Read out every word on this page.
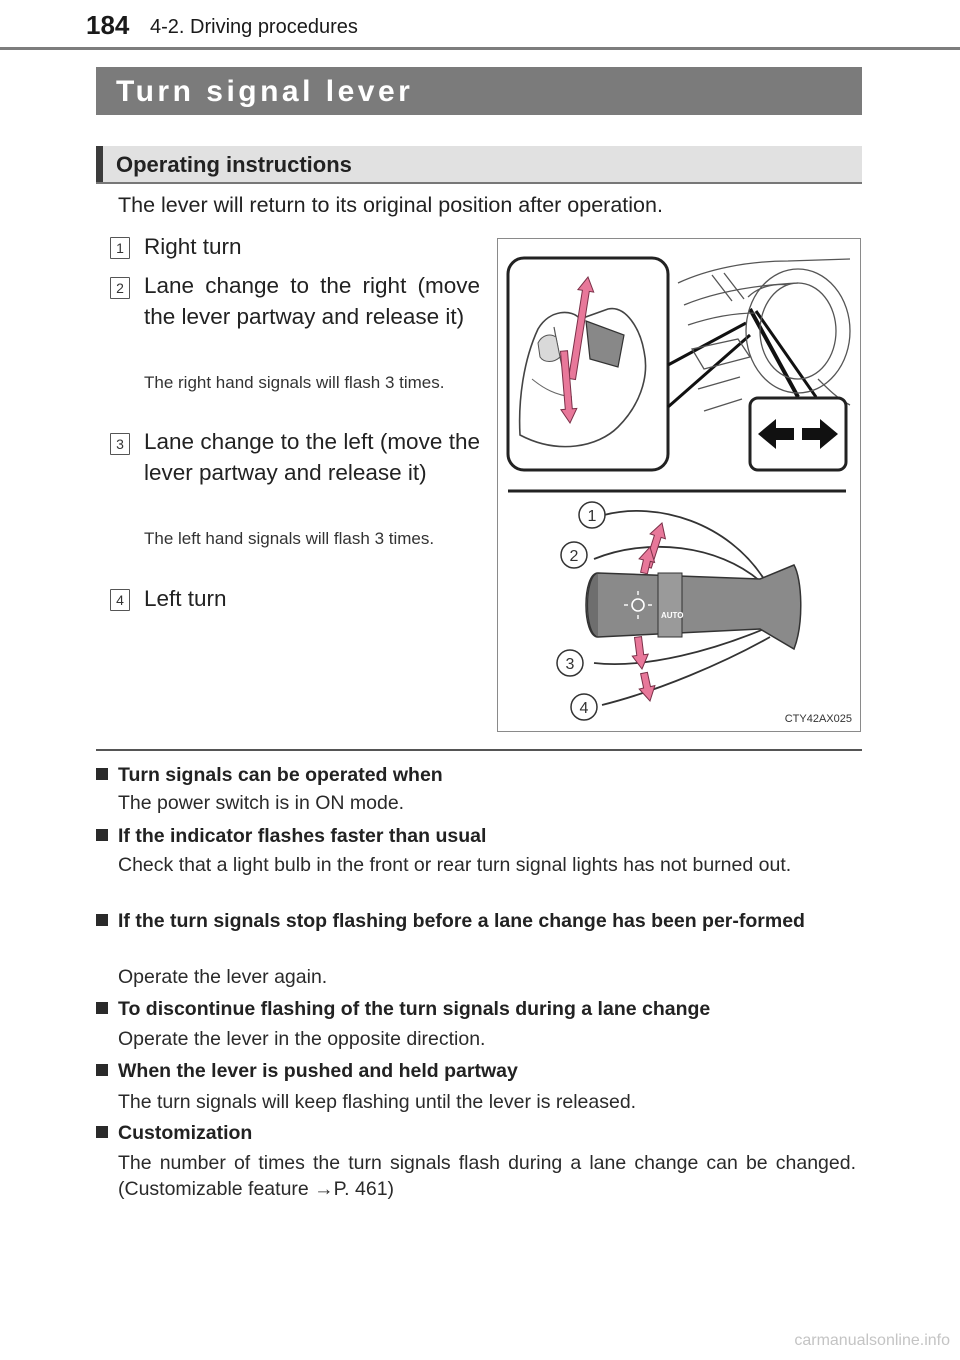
184 4-2. Driving procedures
Turn signal lever
Operating instructions
The lever will return to its original position after operation.
1 Right turn
2 Lane change to the right (move the lever partway and release it)
The right hand signals will flash 3 times.
3 Lane change to the left (move the lever partway and release it)
The left hand signals will flash 3 times.
4 Left turn
AUTO
1
2
3
4
CTY42AX025
Turn signals can be operated when
The power switch is in ON mode.
If the indicator flashes faster than usual
Check that a light bulb in the front or rear turn signal lights has not burned out.
If the turn signals stop flashing before a lane change has been per-formed
Operate the lever again.
To discontinue flashing of the turn signals during a lane change
Operate the lever in the opposite direction.
When the lever is pushed and held partway
The turn signals will keep flashing until the lever is released.
Customization
The number of times the turn signals flash during a lane change can be changed. (Customizable feature →P. 461)
carmanualsonline.info
